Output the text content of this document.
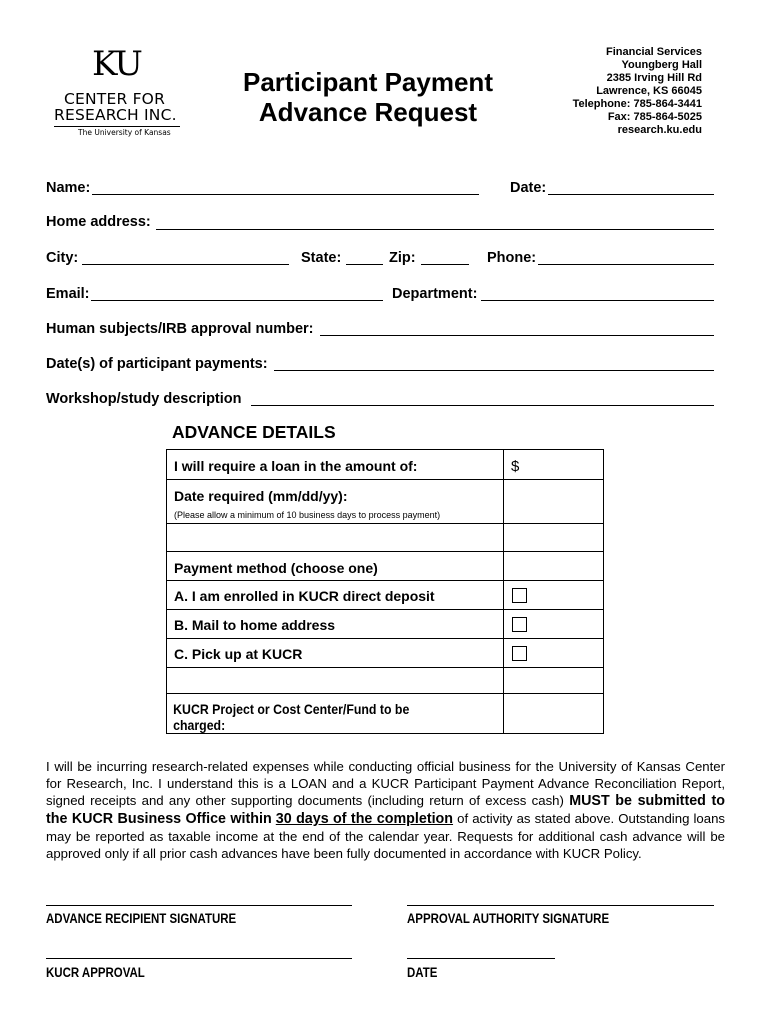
KU
CENTER FOR
RESEARCH INC.
The University of Kansas
Participant Payment
Advance Request
Financial Services
Youngberg Hall
2385 Irving Hill Rd
Lawrence, KS 66045
Telephone: 785-864-3441
Fax: 785-864-5025
research.ku.edu
Name:	Date:
Home address:
City:	State:	Zip:	Phone:
Email:	Department:
Human subjects/IRB approval number:
Date(s) of participant payments:
Workshop/study description
ADVANCE DETAILS
I will require a loan in the amount of:	$

Date required (mm/dd/yy):
(Please allow a minimum of 10 business days to process payment)	

Payment method (choose one)	

A. I am enrolled in KUCR direct deposit	

B. Mail to home address	

C. Pick up at KUCR	

KUCR Project or Cost Center/Fund to be charged:	

I will be incurring research-related expenses while conducting official business for the University of Kansas Center for Research, Inc. I understand this is a LOAN and a KUCR Participant Payment Advance Reconciliation Report, signed receipts and any other supporting documents (including return of excess cash) MUST be submitted to the KUCR Business Office within 30 days of the completion of activity as stated above. Outstanding loans may be reported as taxable income at the end of the calendar year. Requests for additional cash advance will be approved only if all prior cash advances have been fully documented in accordance with KUCR Policy.
ADVANCE RECIPIENT SIGNATURE	APPROVAL AUTHORITY SIGNATURE
KUCR APPROVAL	DATE
